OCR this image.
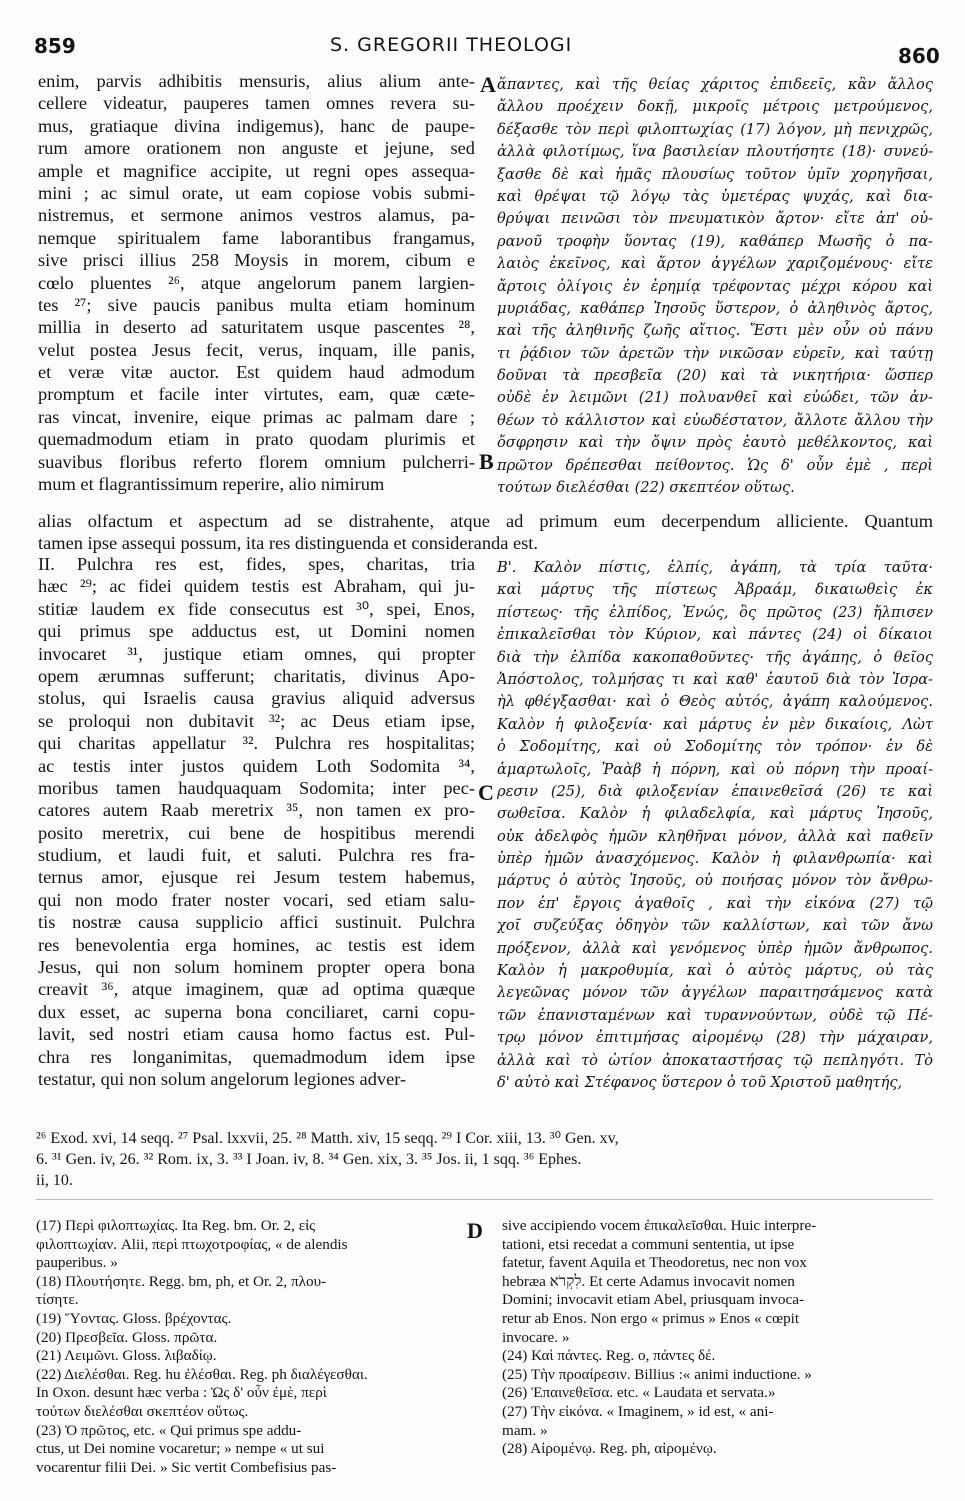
859	S. GREGORII THEOLOGI	860
A
B
C
D
enim, parvis adhibitis mensuris, alius alium ante-
cellere videatur, pauperes tamen omnes revera su-
mus, gratiaque divina indigemus), hanc de paupe-
rum amore orationem non anguste et jejune, sed
ample et magnifice accipite, ut regni opes assequa-
mini ; ac simul orate, ut eam copiose vobis submi-
nistremus, et sermone animos vestros alamus, pa-
nemque spiritualem fame laborantibus frangamus,
sive prisci illius 258 Moysis in morem, cibum e
cœlo pluentes ²⁶, atque angelorum panem largien-
tes ²⁷; sive paucis panibus multa etiam hominum
millia in deserto ad saturitatem usque pascentes ²⁸,
velut postea Jesus fecit, verus, inquam, ille panis,
et veræ vitæ auctor. Est quidem haud admodum
promptum et facile inter virtutes, eam, quæ cæte-
ras vincat, invenire, eique primas ac palmam dare ;
quemadmodum etiam in prato quodam plurimis et
suavibus floribus referto florem omnium pulcherri-
mum et flagrantissimum reperire, alio nimirum
ἅπαντες, καὶ τῆς θείας χάριτος ἐπιδεεῖς, κἂν ἄλλος
ἄλλου προέχειν δοκῇ, μικροῖς μέτροις μετρούμενος,
δέξασθε τὸν περὶ φιλοπτωχίας (17) λόγον, μὴ πενιχρῶς,
ἀλλὰ φιλοτίμως, ἵνα βασιλείαν πλουτήσητε (18)· συνεύ-
ξασθε δὲ καὶ ἡμᾶς πλουσίως τοῦτον ὑμῖν χορηγῆσαι,
καὶ θρέψαι τῷ λόγῳ τὰς ὑμετέρας ψυχάς, καὶ δια-
θρύψαι πεινῶσι τὸν πνευματικὸν ἄρτον· εἴτε ἀπ' οὐ-
ρανοῦ τροφὴν ὕοντας (19), καθάπερ Μωσῆς ὁ πα-
λαιὸς ἐκεῖνος, καὶ ἄρτον ἀγγέλων χαριζομένους· εἴτε
ἄρτοις ὀλίγοις ἐν ἐρημίᾳ τρέφοντας μέχρι κόρου καὶ
μυριάδας, καθάπερ Ἰησοῦς ὕστερον, ὁ ἀληθινὸς ἄρτος,
καὶ τῆς ἀληθινῆς ζωῆς αἴτιος. Ἔστι μὲν οὖν οὐ πάνυ
τι ῥᾴδιον τῶν ἀρετῶν τὴν νικῶσαν εὑρεῖν, καὶ ταύτῃ
δοῦναι τὰ πρεσβεῖα (20) καὶ τὰ νικητήρια· ὥσπερ
οὐδὲ ἐν λειμῶνι (21) πολυανθεῖ καὶ εὐώδει, τῶν ἀν-
θέων τὸ κάλλιστον καὶ εὐωδέστατον, ἄλλοτε ἄλλου τὴν
ὄσφρησιν καὶ τὴν ὄψιν πρὸς ἑαυτὸ μεθέλκοντος, καὶ
πρῶτον δρέπεσθαι πείθοντος. Ὡς δ' οὖν ἐμὲ , περὶ
τούτων διελέσθαι (22) σκεπτέον οὕτως.
alias olfactum et aspectum ad se distrahente, atque ad primum eum decerpendum alliciente. Quantum
tamen ipse assequi possum, ita res distinguenda et consideranda est.
II. Pulchra res est, fides, spes, charitas, tria
hæc ²⁹; ac fidei quidem testis est Abraham, qui ju-
stitiæ laudem ex fide consecutus est ³⁰, spei, Enos,
qui primus spe adductus est, ut Domini nomen
invocaret ³¹, justique etiam omnes, qui propter
opem ærumnas sufferunt; charitatis, divinus Apo-
stolus, qui Israelis causa gravius aliquid adversus
se proloqui non dubitavit ³²; ac Deus etiam ipse,
qui charitas appellatur ³². Pulchra res hospitalitas;
ac testis inter justos quidem Loth Sodomita ³⁴,
moribus tamen haudquaquam Sodomita; inter pec-
catores autem Raab meretrix ³⁵, non tamen ex pro-
posito meretrix, cui bene de hospitibus merendi
studium, et laudi fuit, et saluti. Pulchra res fra-
ternus amor, ejusque rei Jesum testem habemus,
qui non modo frater noster vocari, sed etiam salu-
tis nostræ causa supplicio affici sustinuit. Pulchra
res benevolentia erga homines, ac testis est idem
Jesus, qui non solum hominem propter opera bona
creavit ³⁶, atque imaginem, quæ ad optima quæque
dux esset, ac superna bona conciliaret, carni copu-
lavit, sed nostri etiam causa homo factus est. Pul-
chra res longanimitas, quemadmodum idem ipse
testatur, qui non solum angelorum legiones adver-
Β'. Καλὸν πίστις, ἐλπίς, ἀγάπη, τὰ τρία ταῦτα·
καὶ μάρτυς τῆς πίστεως Ἀβραάμ, δικαιωθεὶς ἐκ
πίστεως· τῆς ἐλπίδος, Ἐνώς, ὃς πρῶτος (23) ἤλπισεν
ἐπικαλεῖσθαι τὸν Κύριον, καὶ πάντες (24) οἱ δίκαιοι
διὰ τὴν ἐλπίδα κακοπαθοῦντες· τῆς ἀγάπης, ὁ θεῖος
Ἀπόστολος, τολμήσας τι καὶ καθ' ἑαυτοῦ διὰ τὸν Ἰσρα-
ὴλ φθέγξασθαι· καὶ ὁ Θεὸς αὐτός, ἀγάπη καλούμενος.
Καλὸν ἡ φιλοξενία· καὶ μάρτυς ἐν μὲν δικαίοις, Λὼτ
ὁ Σοδομίτης, καὶ οὐ Σοδομίτης τὸν τρόπον· ἐν δὲ
ἁμαρτωλοῖς, Ῥαὰβ ἡ πόρνη, καὶ οὐ πόρνη τὴν προαί-
ρεσιν (25), διὰ φιλοξενίαν ἐπαινεθεῖσά (26) τε καὶ
σωθεῖσα. Καλὸν ἡ φιλαδελφία, καὶ μάρτυς Ἰησοῦς,
οὐκ ἀδελφὸς ἡμῶν κληθῆναι μόνον, ἀλλὰ καὶ παθεῖν
ὑπὲρ ἡμῶν ἀνασχόμενος. Καλὸν ἡ φιλανθρωπία· καὶ
μάρτυς ὁ αὐτὸς Ἰησοῦς, οὐ ποιήσας μόνον τὸν ἄνθρω-
πον ἐπ' ἔργοις ἀγαθοῖς , καὶ τὴν εἰκόνα (27) τῷ
χοῖ συζεύξας ὁδηγὸν τῶν καλλίστων, καὶ τῶν ἄνω
πρόξενον, ἀλλὰ καὶ γενόμενος ὑπὲρ ἡμῶν ἄνθρωπος.
Καλὸν ἡ μακροθυμία, καὶ ὁ αὐτὸς μάρτυς, οὐ τὰς
λεγεῶνας μόνον τῶν ἀγγέλων παραιτησάμενος κατὰ
τῶν ἐπανισταμένων καὶ τυραννούντων, οὐδὲ τῷ Πέ-
τρῳ μόνον ἐπιτιμήσας αἰρομένῳ (28) τὴν μάχαιραν,
ἀλλὰ καὶ τὸ ὠτίον ἀποκαταστήσας τῷ πεπληγότι. Τὸ
δ' αὐτὸ καὶ Στέφανος ὕστερον ὁ τοῦ Χριστοῦ μαθητής,
²⁶ Exod. xvi, 14 seqq. ²⁷ Psal. lxxvii, 25. ²⁸ Matth. xiv, 15 seqq. ²⁹ I Cor. xiii, 13. ³⁰ Gen. xv,
6. ³¹ Gen. iv, 26. ³² Rom. ix, 3. ³³ I Joan. iv, 8. ³⁴ Gen. xix, 3. ³⁵ Jos. ii, 1 sqq. ³⁶ Ephes.
ii, 10.
(17) Περὶ φιλοπτωχίας. Ita Reg. bm. Or. 2, εἰς
φιλοπτωχίαν. Alii, περὶ πτωχοτροφίας, « de alendis
pauperibus. »
(18) Πλουτήσητε. Regg. bm, ph, et Or. 2, πλου-
τίσητε.
(19) Ὕοντας. Gloss. βρέχοντας.
(20) Πρεσβεῖα. Gloss. πρῶτα.
(21) Λειμῶνι. Gloss. λιβαδίῳ.
(22) Διελέσθαι. Reg. hu ἐλέσθαι. Reg. ph διαλέγεσθαι.
In Oxon. desunt hæc verba : Ὡς δ' οὖν ἐμὲ, περὶ
τούτων διελέσθαι σκεπτέον οὕτως.
(23) Ὁ πρῶτος, etc. « Qui primus spe addu-
ctus, ut Dei nomine vocaretur; » nempe « ut sui
vocarentur filii Dei. » Sic vertit Combefisius pas-
sive accipiendo vocem ἐπικαλεῖσθαι. Huic interpre-
tationi, etsi recedat a communi sententia, ut ipse
fatetur, favent Aquila et Theodoretus, nec non vox
hebræa לִקְרֹא. Et certe Adamus invocavit nomen
Domini; invocavit etiam Abel, priusquam invoca-
retur ab Enos. Non ergo « primus » Enos « cœpit
invocare. »
(24) Καὶ πάντες. Reg. o, πάντες δέ.
(25) Τὴν προαίρεσιν. Billius :« animi inductione. »
(26) Ἐπαινεθεῖσα. etc. « Laudata et servata.»
(27) Τὴν εἰκόνα. « Imaginem, » id est, « ani-
mam. »
(28) Αἰρομένῳ. Reg. ph, αἰρομένῳ.
